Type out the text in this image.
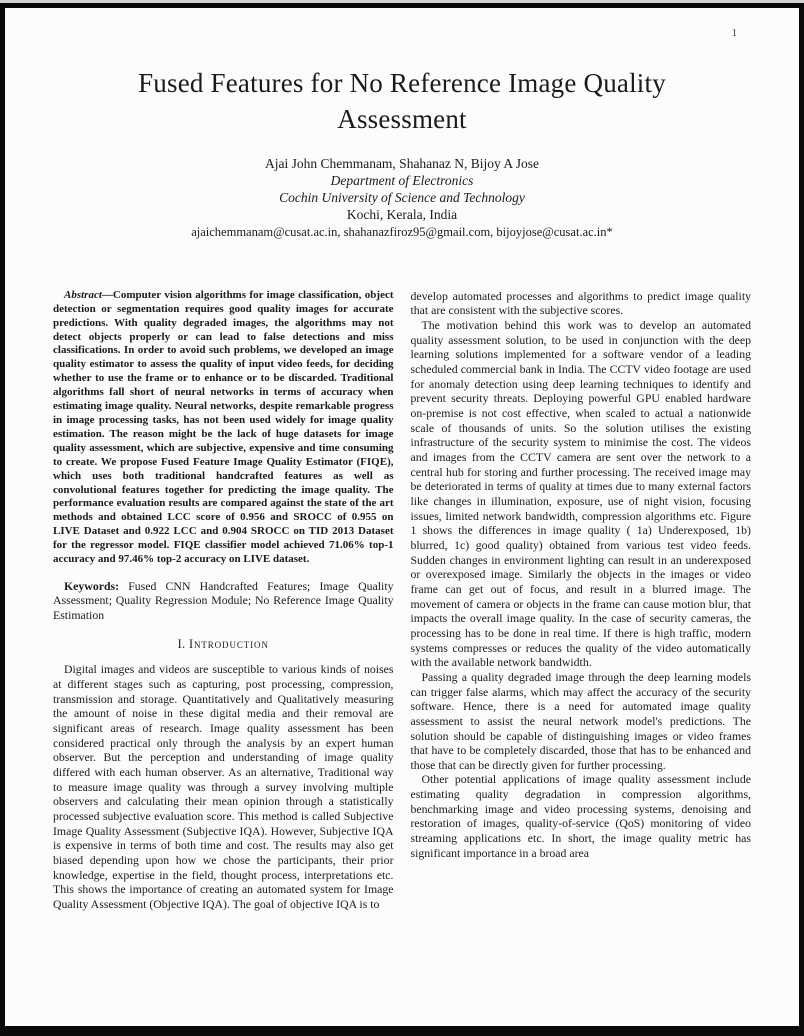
1
Fused Features for No Reference Image Quality Assessment
Ajai John Chemmanam, Shahanaz N, Bijoy A Jose
Department of Electronics
Cochin University of Science and Technology
Kochi, Kerala, India
ajaichemmanam@cusat.ac.in, shahanazfiroz95@gmail.com, bijoyjose@cusat.ac.in*

Abstract—Computer vision algorithms for image classification, object detection or segmentation requires good quality images for accurate predictions. With quality degraded images, the algorithms may not detect objects properly or can lead to false detections and miss classifications. In order to avoid such problems, we developed an image quality estimator to assess the quality of input video feeds, for deciding whether to use the frame or to enhance or to be discarded. Traditional algorithms fall short of neural networks in terms of accuracy when estimating image quality. Neural networks, despite remarkable progress in image processing tasks, has not been used widely for image quality estimation. The reason might be the lack of huge datasets for image quality assessment, which are subjective, expensive and time consuming to create. We propose Fused Feature Image Quality Estimator (FIQE), which uses both traditional handcrafted features as well as convolutional features together for predicting the image quality. The performance evaluation results are compared against the state of the art methods and obtained LCC score of 0.956 and SROCC of 0.955 on LIVE Dataset and 0.922 LCC and 0.904 SROCC on TID 2013 Dataset for the regressor model. FIQE classifier model achieved 71.06% top-1 accuracy and 97.46% top-2 accuracy on LIVE dataset.

Keywords: Fused CNN Handcrafted Features; Image Quality Assessment; Quality Regression Module; No Reference Image Quality Estimation

I. Introduction

Digital images and videos are susceptible to various kinds of noises at different stages such as capturing, post processing, compression, transmission and storage. Quantitatively and Qualitatively measuring the amount of noise in these digital media and their removal are significant areas of research. Image quality assessment has been considered practical only through the analysis by an expert human observer. But the perception and understanding of image quality differed with each human observer. As an alternative, Traditional way to measure image quality was through a survey involving multiple observers and calculating their mean opinion through a statistically processed subjective evaluation score. This method is called Subjective Image Quality Assessment (Subjective IQA). However, Subjective IQA is expensive in terms of both time and cost. The results may also get biased depending upon how we chose the participants, their prior knowledge, expertise in the field, thought process, interpretations etc. This shows the importance of creating an automated system for Image Quality Assessment (Objective IQA). The goal of objective IQA is to

develop automated processes and algorithms to predict image quality that are consistent with the subjective scores.

The motivation behind this work was to develop an automated quality assessment solution, to be used in conjunction with the deep learning solutions implemented for a software vendor of a leading scheduled commercial bank in India. The CCTV video footage are used for anomaly detection using deep learning techniques to identify and prevent security threats. Deploying powerful GPU enabled hardware on-premise is not cost effective, when scaled to actual a nationwide scale of thousands of units. So the solution utilises the existing infrastructure of the security system to minimise the cost. The videos and images from the CCTV camera are sent over the network to a central hub for storing and further processing. The received image may be deteriorated in terms of quality at times due to many external factors like changes in illumination, exposure, use of night vision, focusing issues, limited network bandwidth, compression algorithms etc. Figure 1 shows the differences in image quality ( 1a) Underexposed, 1b) blurred, 1c) good quality) obtained from various test video feeds. Sudden changes in environment lighting can result in an underexposed or overexposed image. Similarly the objects in the images or video frame can get out of focus, and result in a blurred image. The movement of camera or objects in the frame can cause motion blur, that impacts the overall image quality. In the case of security cameras, the processing has to be done in real time. If there is high traffic, modern systems compresses or reduces the quality of the video automatically with the available network bandwidth.

Passing a quality degraded image through the deep learning models can trigger false alarms, which may affect the accuracy of the security software. Hence, there is a need for automated image quality assessment to assist the neural network model's predictions. The solution should be capable of distinguishing images or video frames that have to be completely discarded, those that has to be enhanced and those that can be directly given for further processing.

Other potential applications of image quality assessment include estimating quality degradation in compression algorithms, benchmarking image and video processing systems, denoising and restoration of images, quality-of-service (QoS) monitoring of video streaming applications etc. In short, the image quality metric has significant importance in a broad area
